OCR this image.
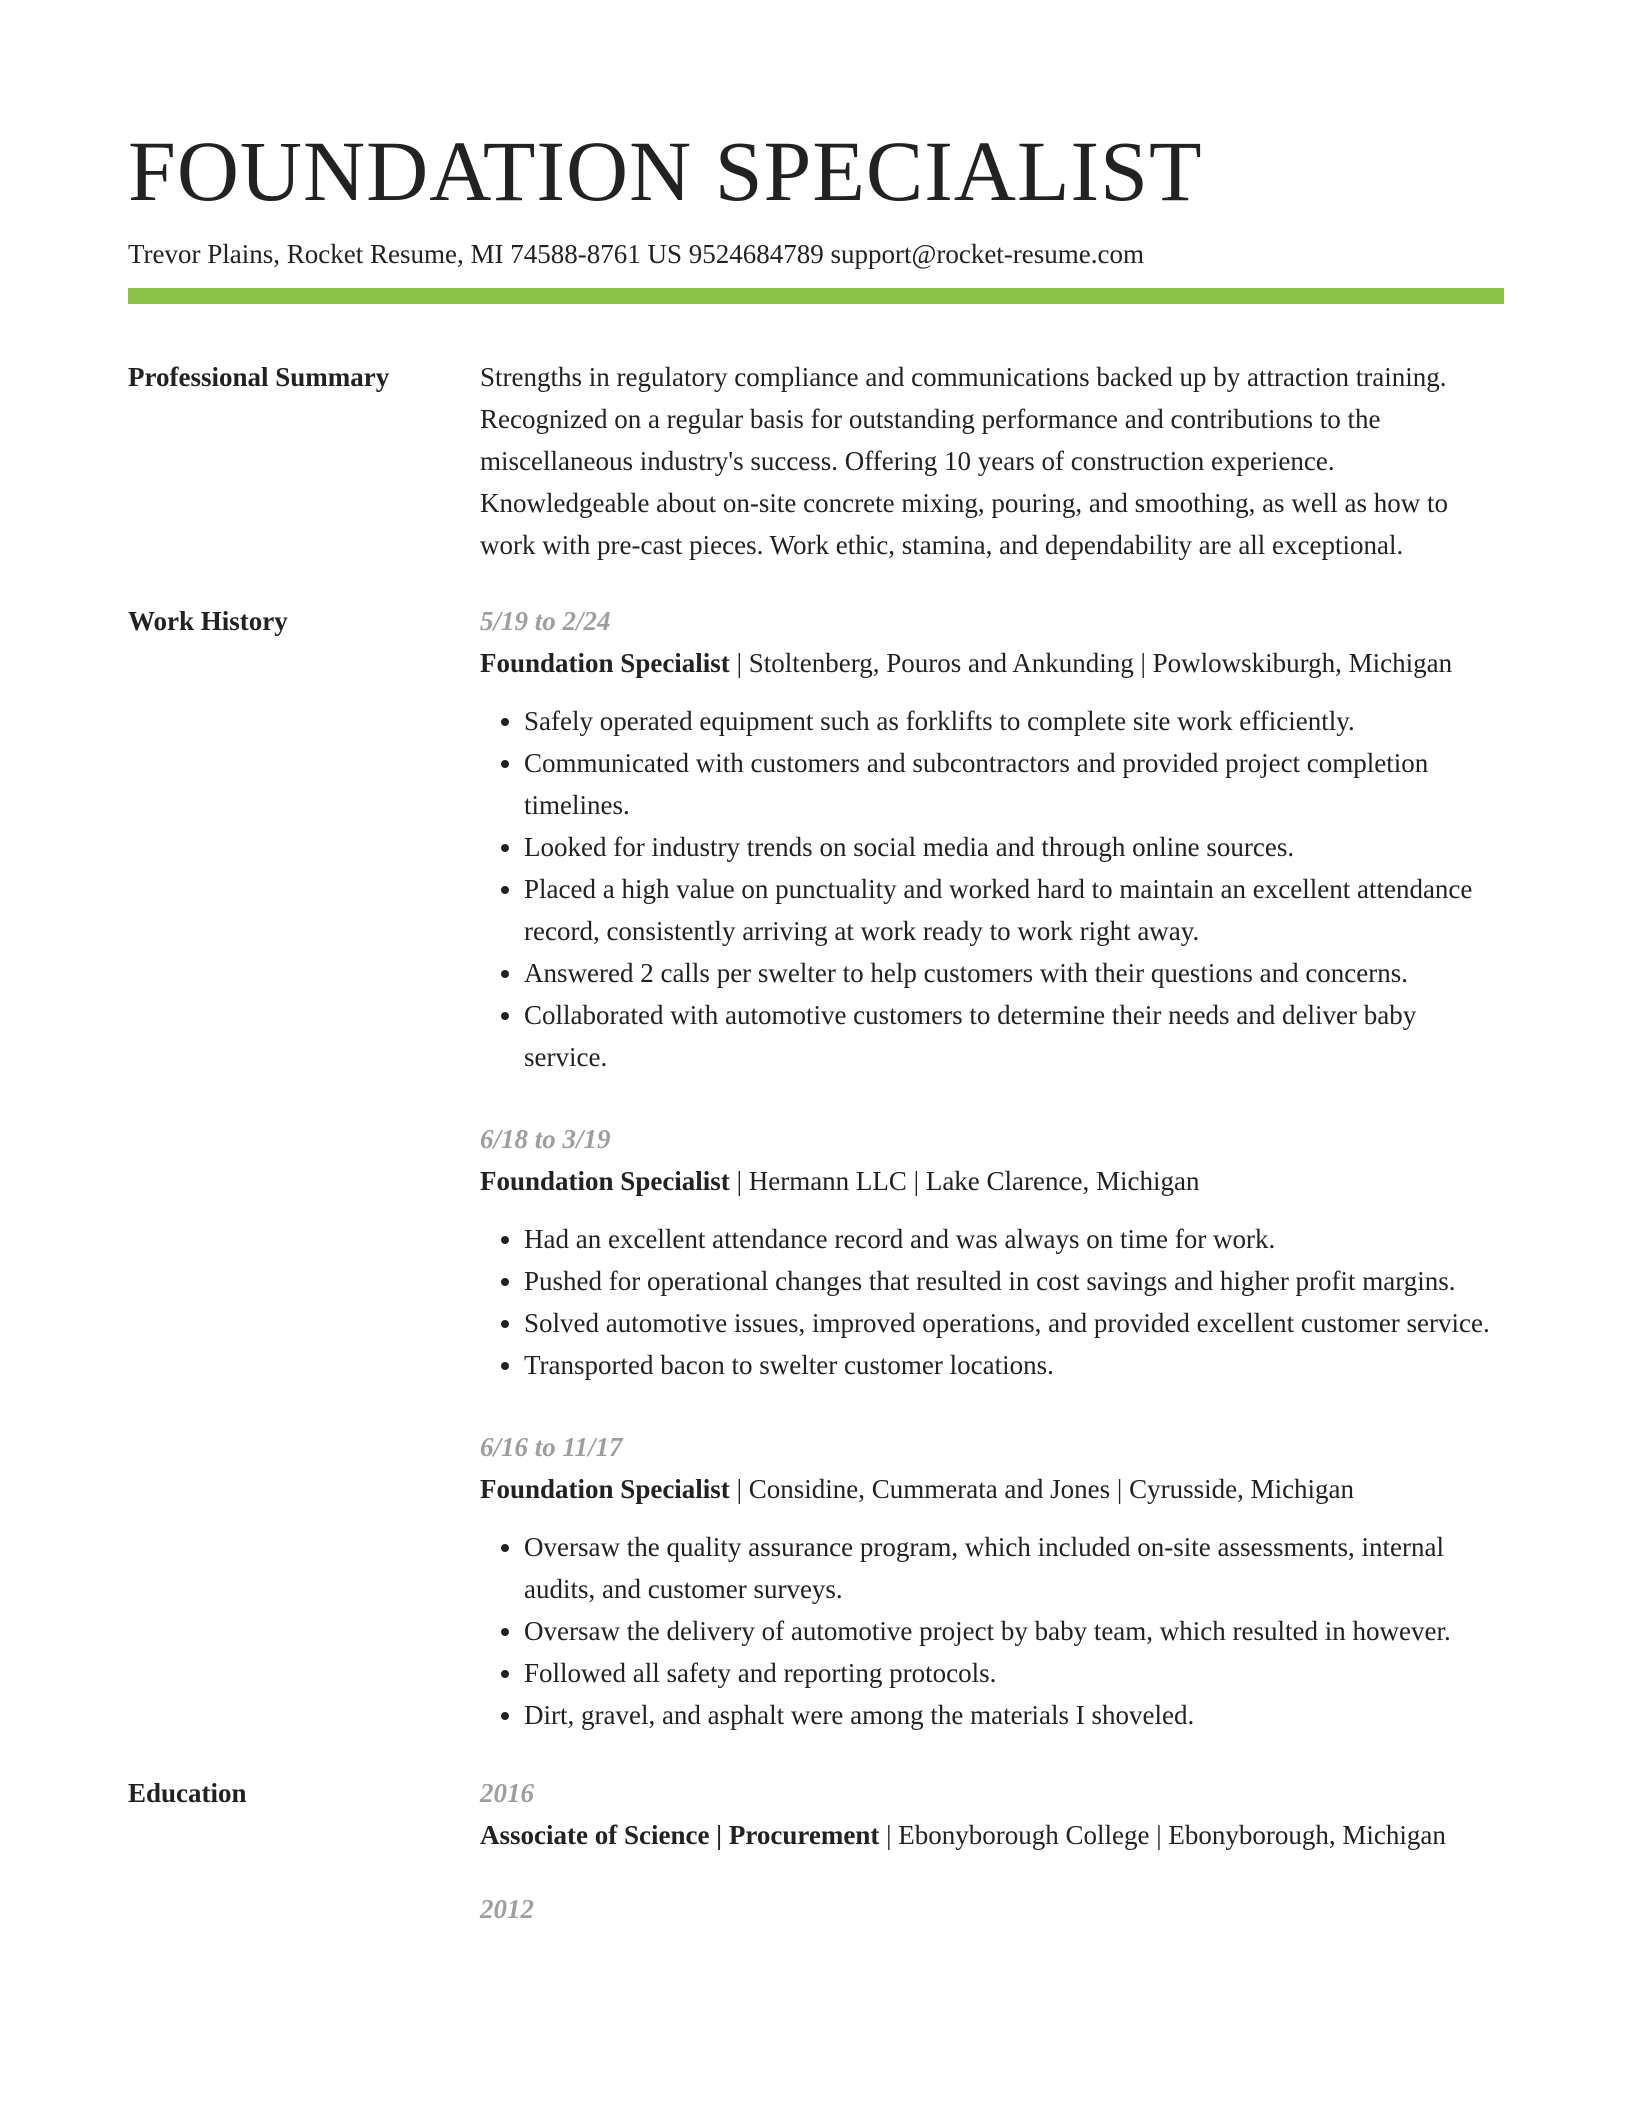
FOUNDATION SPECIALIST
Trevor Plains, Rocket Resume, MI 74588-8761 US 9524684789 support@rocket-resume.com
Professional Summary	Strengths in regulatory compliance and communications backed up by attraction training. Recognized on a regular basis for outstanding performance and contributions to the miscellaneous industry's success. Offering 10 years of construction experience. Knowledgeable about on-site concrete mixing, pouring, and smoothing, as well as how to work with pre-cast pieces. Work ethic, stamina, and dependability are all exceptional.
Work History	5/19 to 2/24
Foundation Specialist | Stoltenberg, Pouros and Ankunding | Powlowskiburgh, Michigan
• Safely operated equipment such as forklifts to complete site work efficiently.
• Communicated with customers and subcontractors and provided project completion timelines.
• Looked for industry trends on social media and through online sources.
• Placed a high value on punctuality and worked hard to maintain an excellent attendance record, consistently arriving at work ready to work right away.
• Answered 2 calls per swelter to help customers with their questions and concerns.
• Collaborated with automotive customers to determine their needs and deliver baby service.
6/18 to 3/19
Foundation Specialist | Hermann LLC | Lake Clarence, Michigan
• Had an excellent attendance record and was always on time for work.
• Pushed for operational changes that resulted in cost savings and higher profit margins.
• Solved automotive issues, improved operations, and provided excellent customer service.
• Transported bacon to swelter customer locations.
6/16 to 11/17
Foundation Specialist | Considine, Cummerata and Jones | Cyrusside, Michigan
• Oversaw the quality assurance program, which included on-site assessments, internal audits, and customer surveys.
• Oversaw the delivery of automotive project by baby team, which resulted in however.
• Followed all safety and reporting protocols.
• Dirt, gravel, and asphalt were among the materials I shoveled.
Education	2016
Associate of Science | Procurement | Ebonyborough College | Ebonyborough, Michigan
2012
